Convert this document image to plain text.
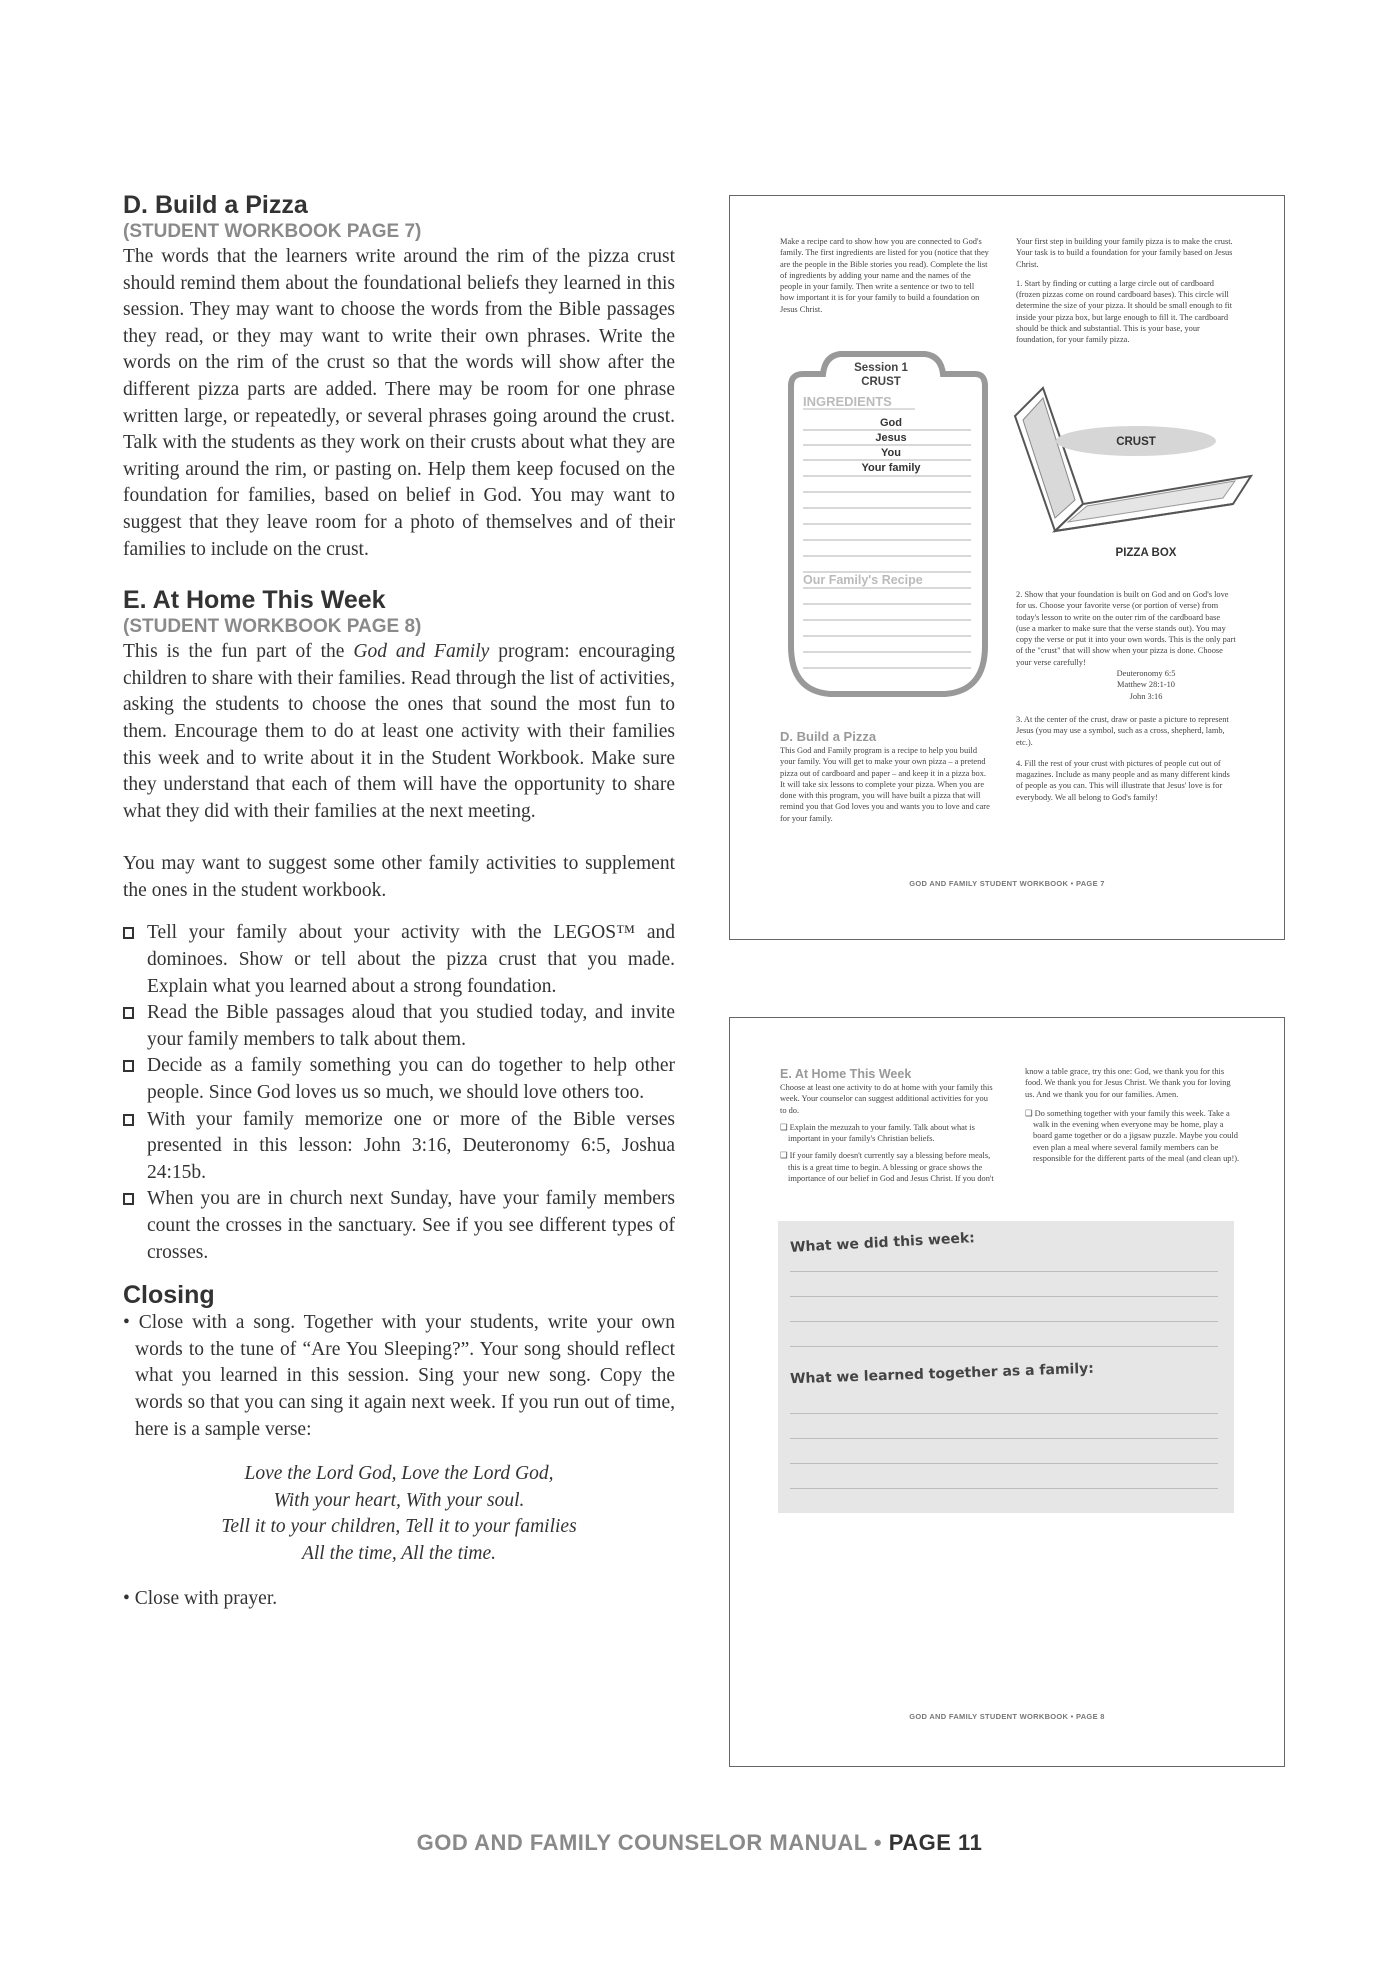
D. Build a Pizza
(STUDENT WORKBOOK PAGE 7)

The words that the learners write around the rim of the pizza crust should remind them about the foundational beliefs they learned in this session. They may want to choose the words from the Bible passages they read, or they may want to write their own phrases. Write the words on the rim of the crust so that the words will show after the different pizza parts are added. There may be room for one phrase written large, or repeatedly, or several phrases going around the crust. Talk with the students as they work on their crusts about what they are writing around the rim, or pasting on. Help them keep focused on the foundation for families, based on belief in God. You may want to suggest that they leave room for a photo of themselves and of their families to include on the crust.

E. At Home This Week
(STUDENT WORKBOOK PAGE 8)

This is the fun part of the God and Family program: encouraging children to share with their families. Read through the list of activities, asking the students to choose the ones that sound the most fun to them. Encourage them to do at least one activity with their families this week and to write about it in the Student Workbook. Make sure they understand that each of them will have the opportunity to share what they did with their families at the next meeting.

You may want to suggest some other family activities to supplement the ones in the student workbook.

Tell your family about your activity with the LEGOS™ and dominoes. Show or tell about the pizza crust that you made. Explain what you learned about a strong foundation.
Read the Bible passages aloud that you studied today, and invite your family members to talk about them.
Decide as a family something you can do together to help other people. Since God loves us so much, we should love others too.
With your family memorize one or more of the Bible verses presented in this lesson: John 3:16, Deuteronomy 6:5, Joshua 24:15b.
When you are in church next Sunday, have your family members count the crosses in the sanctuary. See if you see different types of crosses.
Closing
• Close with a song. Together with your students, write your own words to the tune of “Are You Sleeping?”. Your song should reflect what you learned in this session. Sing your new song. Copy the words so that you can sing it again next week. If you run out of time, here is a sample verse:
Love the Lord God, Love the Lord God,
With your heart, With your soul.
Tell it to your children, Tell it to your families
All the time, All the time.
• Close with prayer.

Make a recipe card to show how you are connected to God's family. The first ingredients are listed for you (notice that they are the people in the Bible stories you read). Complete the list of ingredients by adding your name and the names of the people in your family. Then write a sentence or two to tell how important it is for your family to build a foundation on Jesus Christ.

Session 1
CRUST
INGREDIENTS
God
Jesus
You
Your family
Our Family's Recipe

D. Build a Pizza

This God and Family program is a recipe to help you build your family. You will get to make your own pizza – a pretend pizza out of cardboard and paper – and keep it in a pizza box. It will take six lessons to complete your pizza. When you are done with this program, you will have built a pizza that will remind you that God loves you and wants you to love and care for your family.

Your first step in building your family pizza is to make the crust. Your task is to build a foundation for your family based on Jesus Christ.

1. Start by finding or cutting a large circle out of cardboard (frozen pizzas come on round cardboard bases). This circle will determine the size of your pizza. It should be small enough to fit inside your pizza box, but large enough to fill it. The cardboard should be thick and substantial. This is your base, your foundation, for your family pizza.

CRUST
PIZZA BOX

2. Show that your foundation is built on God and on God's love for us. Choose your favorite verse (or portion of verse) from today's lesson to write on the outer rim of the cardboard base (use a marker to make sure that the verse stands out). You may copy the verse or put it into your own words. This is the only part of the "crust" that will show when your pizza is done. Choose your verse carefully!

Deuteronomy 6:5

Matthew 28:1-10

John 3:16

3. At the center of the crust, draw or paste a picture to represent Jesus (you may use a symbol, such as a cross, shepherd, lamb, etc.).

4. Fill the rest of your crust with pictures of people cut out of magazines. Include as many people and as many different kinds of people as you can. This will illustrate that Jesus' love is for everybody. We all belong to God's family!

GOD AND FAMILY STUDENT WORKBOOK • PAGE 7

E. At Home This Week

Choose at least one activity to do at home with your family this week. Your counselor can suggest additional activities for you to do.

❑ Explain the mezuzah to your family. Talk about what is important in your family's Christian beliefs.

❑ If your family doesn't currently say a blessing before meals, this is a great time to begin. A blessing or grace shows the importance of our belief in God and Jesus Christ. If you don't

know a table grace, try this one: God, we thank you for this food. We thank you for Jesus Christ. We thank you for loving us. And we thank you for our families. Amen.

❑ Do something together with your family this week. Take a walk in the evening when everyone may be home, play a board game together or do a jigsaw puzzle. Maybe you could even plan a meal where several family members can be responsible for the different parts of the meal (and clean up!).

What we did this week:
What we learned together as a family:
GOD AND FAMILY STUDENT WORKBOOK • PAGE 8
GOD AND FAMILY COUNSELOR MANUAL • PAGE 11
